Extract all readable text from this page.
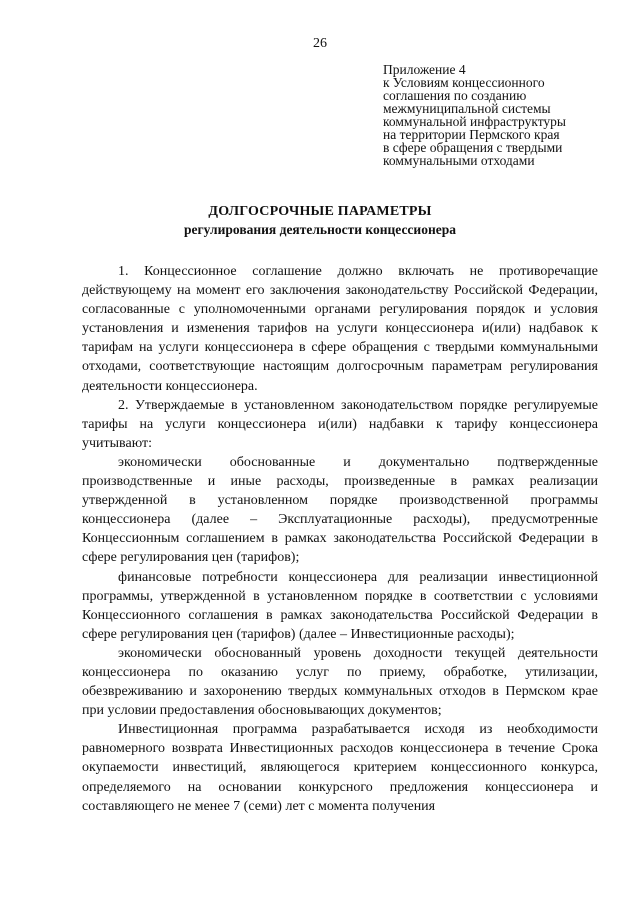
26
Приложение 4
к Условиям концессионного
соглашения по созданию
межмуниципальной системы
коммунальной инфраструктуры
на территории Пермского края
в сфере обращения с твердыми
коммунальными отходами
ДОЛГОСРОЧНЫЕ ПАРАМЕТРЫ
регулирования деятельности концессионера

1. Концессионное соглашение должно включать не противоречащие действующему на момент его заключения законодательству Российской Федерации, согласованные с уполномоченными органами регулирования порядок и условия установления и изменения тарифов на услуги концессионера и(или) надбавок к тарифам на услуги концессионера в сфере обращения с твердыми коммунальными отходами, соответствующие настоящим долгосрочным параметрам регулирования деятельности концессионера.

2. Утверждаемые в установленном законодательством порядке регулируемые тарифы на услуги концессионера и(или) надбавки к тарифу концессионера учитывают:

экономически обоснованные и документально подтвержденные производственные и иные расходы, произведенные в рамках реализации утвержденной в установленном порядке производственной программы концессионера (далее – Эксплуатационные расходы), предусмотренные Концессионным соглашением в рамках законодательства Российской Федерации в сфере регулирования цен (тарифов);

финансовые потребности концессионера для реализации инвестиционной программы, утвержденной в установленном порядке в соответствии с условиями Концессионного соглашения в рамках законодательства Российской Федерации в сфере регулирования цен (тарифов) (далее – Инвестиционные расходы);

экономически обоснованный уровень доходности текущей деятельности концессионера по оказанию услуг по приему, обработке, утилизации, обезвреживанию и захоронению твердых коммунальных отходов в Пермском крае при условии предоставления обосновывающих документов;

Инвестиционная программа разрабатывается исходя из необходимости равномерного возврата Инвестиционных расходов концессионера в течение Срока окупаемости инвестиций, являющегося критерием концессионного конкурса, определяемого на основании конкурсного предложения концессионера и составляющего не менее 7 (семи) лет с момента получения
